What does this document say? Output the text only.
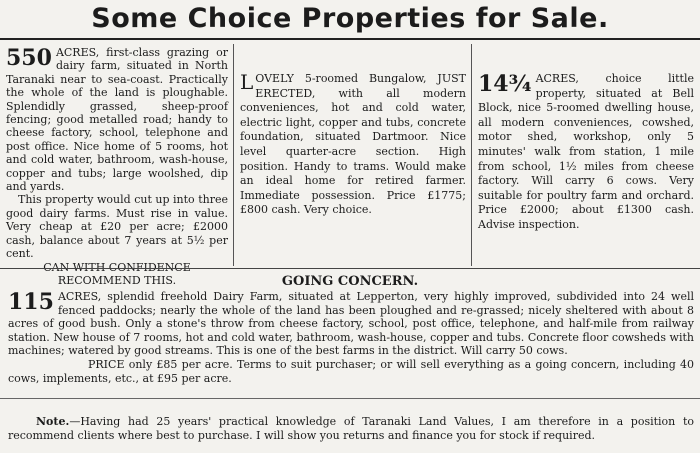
Some Choice Properties for Sale.

550 ACRES, first-class grazing or dairy farm, situated in North Taranaki near to sea-coast. Practically the whole of the land is ploughable. Splendidly grassed, sheep-proof fencing; good metalled road; handy to cheese factory, school, telephone and post office. Nice home of 5 rooms, hot and cold water, bathroom, wash-house, copper and tubs; large woolshed, dip and yards.

This property would cut up into three good dairy farms. Must rise in value. Very cheap at £20 per acre; £2000 cash, balance about 7 years at 5½ per cent.

CAN WITH CONFIDENCE RECOMMEND THIS.

L OVELY 5-roomed Bungalow, JUST ERECTED, with all modern conveniences, hot and cold water, electric light, copper and tubs, concrete foundation, situated Dartmoor. Nice level quarter-acre section. High position. Handy to trams. Would make an ideal home for retired farmer. Immediate possession. Price £1775; £800 cash. Very choice.

14¾ ACRES, choice little property, situated at Bell Block, nice 5-roomed dwelling house, all modern conveniences, cowshed, motor shed, workshop, only 5 minutes' walk from station, 1 mile from school, 1½ miles from cheese factory. Will carry 6 cows. Very suitable for poultry farm and orchard. Price £2000; about £1300 cash. Advise inspection.

GOING CONCERN.

115 ACRES, splendid freehold Dairy Farm, situated at Lepperton, very highly improved, subdivided into 24 well fenced paddocks; nearly the whole of the land has been ploughed and re-grassed; nicely sheltered with about 8 acres of good bush. Only a stone's throw from cheese factory, school, post office, telephone, and half-mile from railway station. New house of 7 rooms, hot and cold water, bathroom, wash-house, copper and tubs. Concrete floor cowsheds with machines; watered by good streams. This is one of the best farms in the district. Will carry 50 cows.

PRICE only £85 per acre. Terms to suit purchaser; or will sell everything as a going concern, including 40 cows, implements, etc., at £95 per acre.

Note.—Having had 25 years' practical knowledge of Taranaki Land Values, I am therefore in a position to recommend clients where best to purchase. I will show you returns and finance you for stock if required.
